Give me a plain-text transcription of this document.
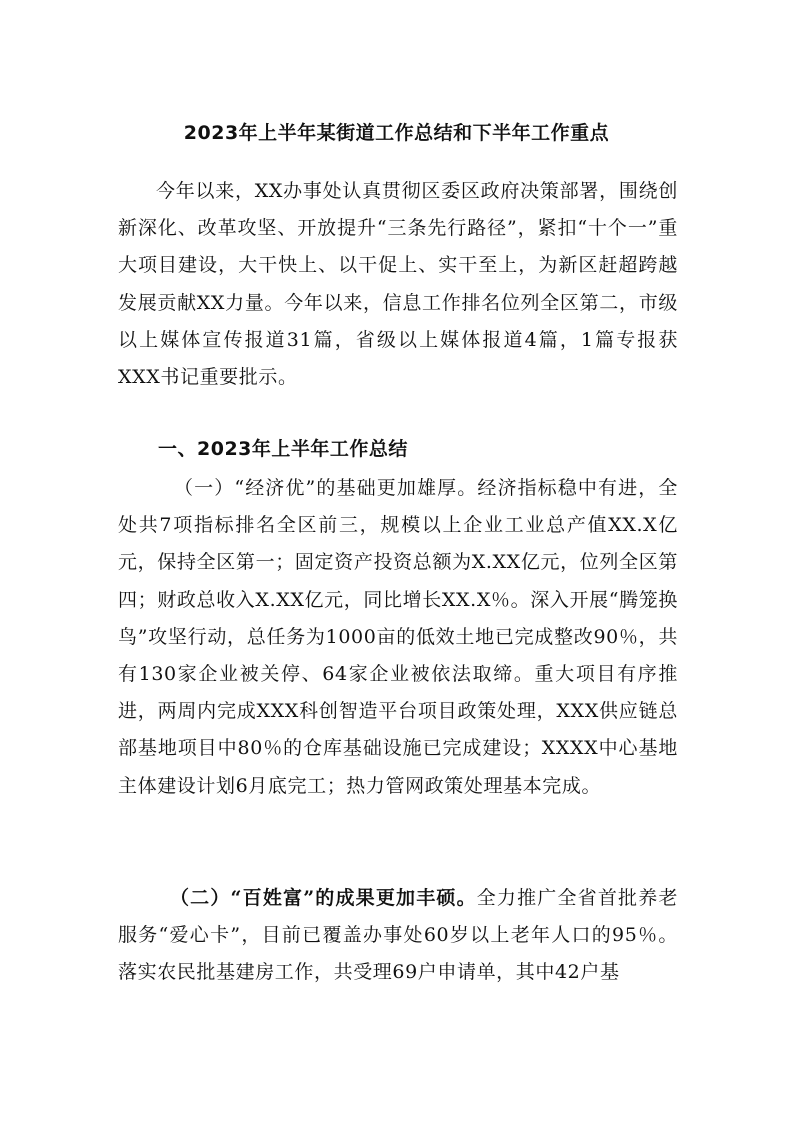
2023年上半年某街道工作总结和下半年工作重点

今年以来，XX办事处认真贯彻区委区政府决策部署，围绕创新深化、改革攻坚、开放提升“三条先行路径”，紧扣“十个一”重大项目建设，大干快上、以干促上、实干至上，为新区赶超跨越发展贡献XX力量。今年以来，信息工作排名位列全区第二，市级以上媒体宣传报道31篇，省级以上媒体报道4篇，1篇专报获XXX书记重要批示。

一、2023年上半年工作总结

（一）“经济优”的基础更加雄厚。经济指标稳中有进，全处共7项指标排名全区前三，规模以上企业工业总产值XX.X亿元，保持全区第一；固定资产投资总额为X.XX亿元，位列全区第四；财政总收入X.XX亿元，同比增长XX.X％。深入开展“腾笼换鸟”攻坚行动，总任务为1000亩的低效土地已完成整改90％，共有130家企业被关停、64家企业被依法取缔。重大项目有序推进，两周内完成XXX科创智造平台项目政策处理，XXX供应链总部基地项目中80％的仓库基础设施已完成建设；XXXX中心基地主体建设计划6月底完工；热力管网政策处理基本完成。

（二）“百姓富”的成果更加丰硕。全力推广全省首批养老服务“爱心卡”，目前已覆盖办事处60岁以上老年人口的95％。落实农民批基建房工作，共受理69户申请单，其中42户基
